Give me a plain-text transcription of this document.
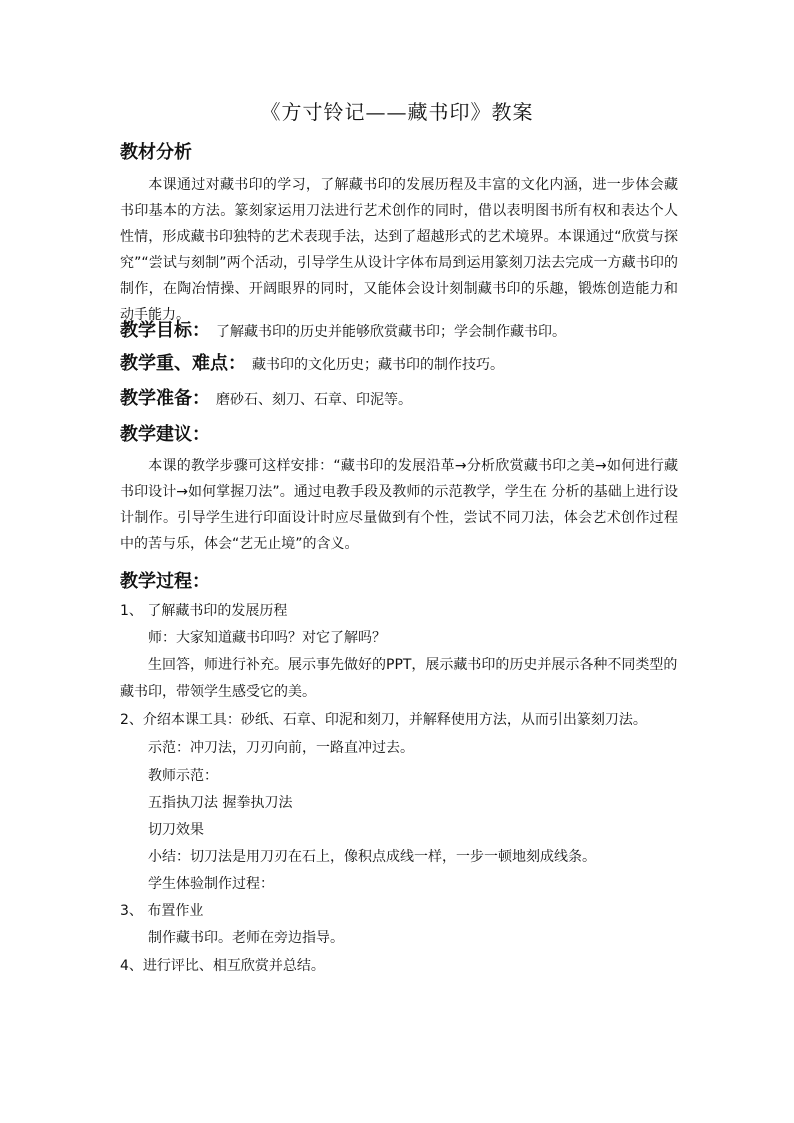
《方寸铃记——藏书印》教案
教材分析
本课通过对藏书印的学习，了解藏书印的发展历程及丰富的文化内涵，进一步体会藏书印基本的方法。篆刻家运用刀法进行艺术创作的同时，借以表明图书所有权和表达个人性情，形成藏书印独特的艺术表现手法，达到了超越形式的艺术境界。本课通过“欣赏与探究”“尝试与刻制”两个活动，引导学生从设计字体布局到运用篆刻刀法去完成一方藏书印的制作，在陶冶情操、开阔眼界的同时，又能体会设计刻制藏书印的乐趣，锻炼创造能力和动手能力。
教学目标： 了解藏书印的历史并能够欣赏藏书印；学会制作藏书印。
教学重、难点： 藏书印的文化历史；藏书印的制作技巧。
教学准备： 磨砂石、刻刀、石章、印泥等。
教学建议：
本课的教学步骤可这样安排：“藏书印的发展沿革→分析欣赏藏书印之美→如何进行藏书印设计→如何掌握刀法”。通过电教手段及教师的示范教学，学生在 分析的基础上进行设计制作。引导学生进行印面设计时应尽量做到有个性，尝试不同刀法，体会艺术创作过程中的苦与乐，体会“艺无止境”的含义。
教学过程：
1、 了解藏书印的发展历程
师：大家知道藏书印吗？对它了解吗？
生回答，师进行补充。展示事先做好的PPT，展示藏书印的历史并展示各种不同类型的
藏书印，带领学生感受它的美。
2、介绍本课工具：砂纸、石章、印泥和刻刀，并解释使用方法，从而引出篆刻刀法。
示范：冲刀法，刀刃向前，一路直冲过去。
教师示范：
五指执刀法 握拳执刀法
切刀效果
小结：切刀法是用刀刃在石上，像积点成线一样，一步一顿地刻成线条。
学生体验制作过程：
3、 布置作业
制作藏书印。老师在旁边指导。
4、进行评比、相互欣赏并总结。
